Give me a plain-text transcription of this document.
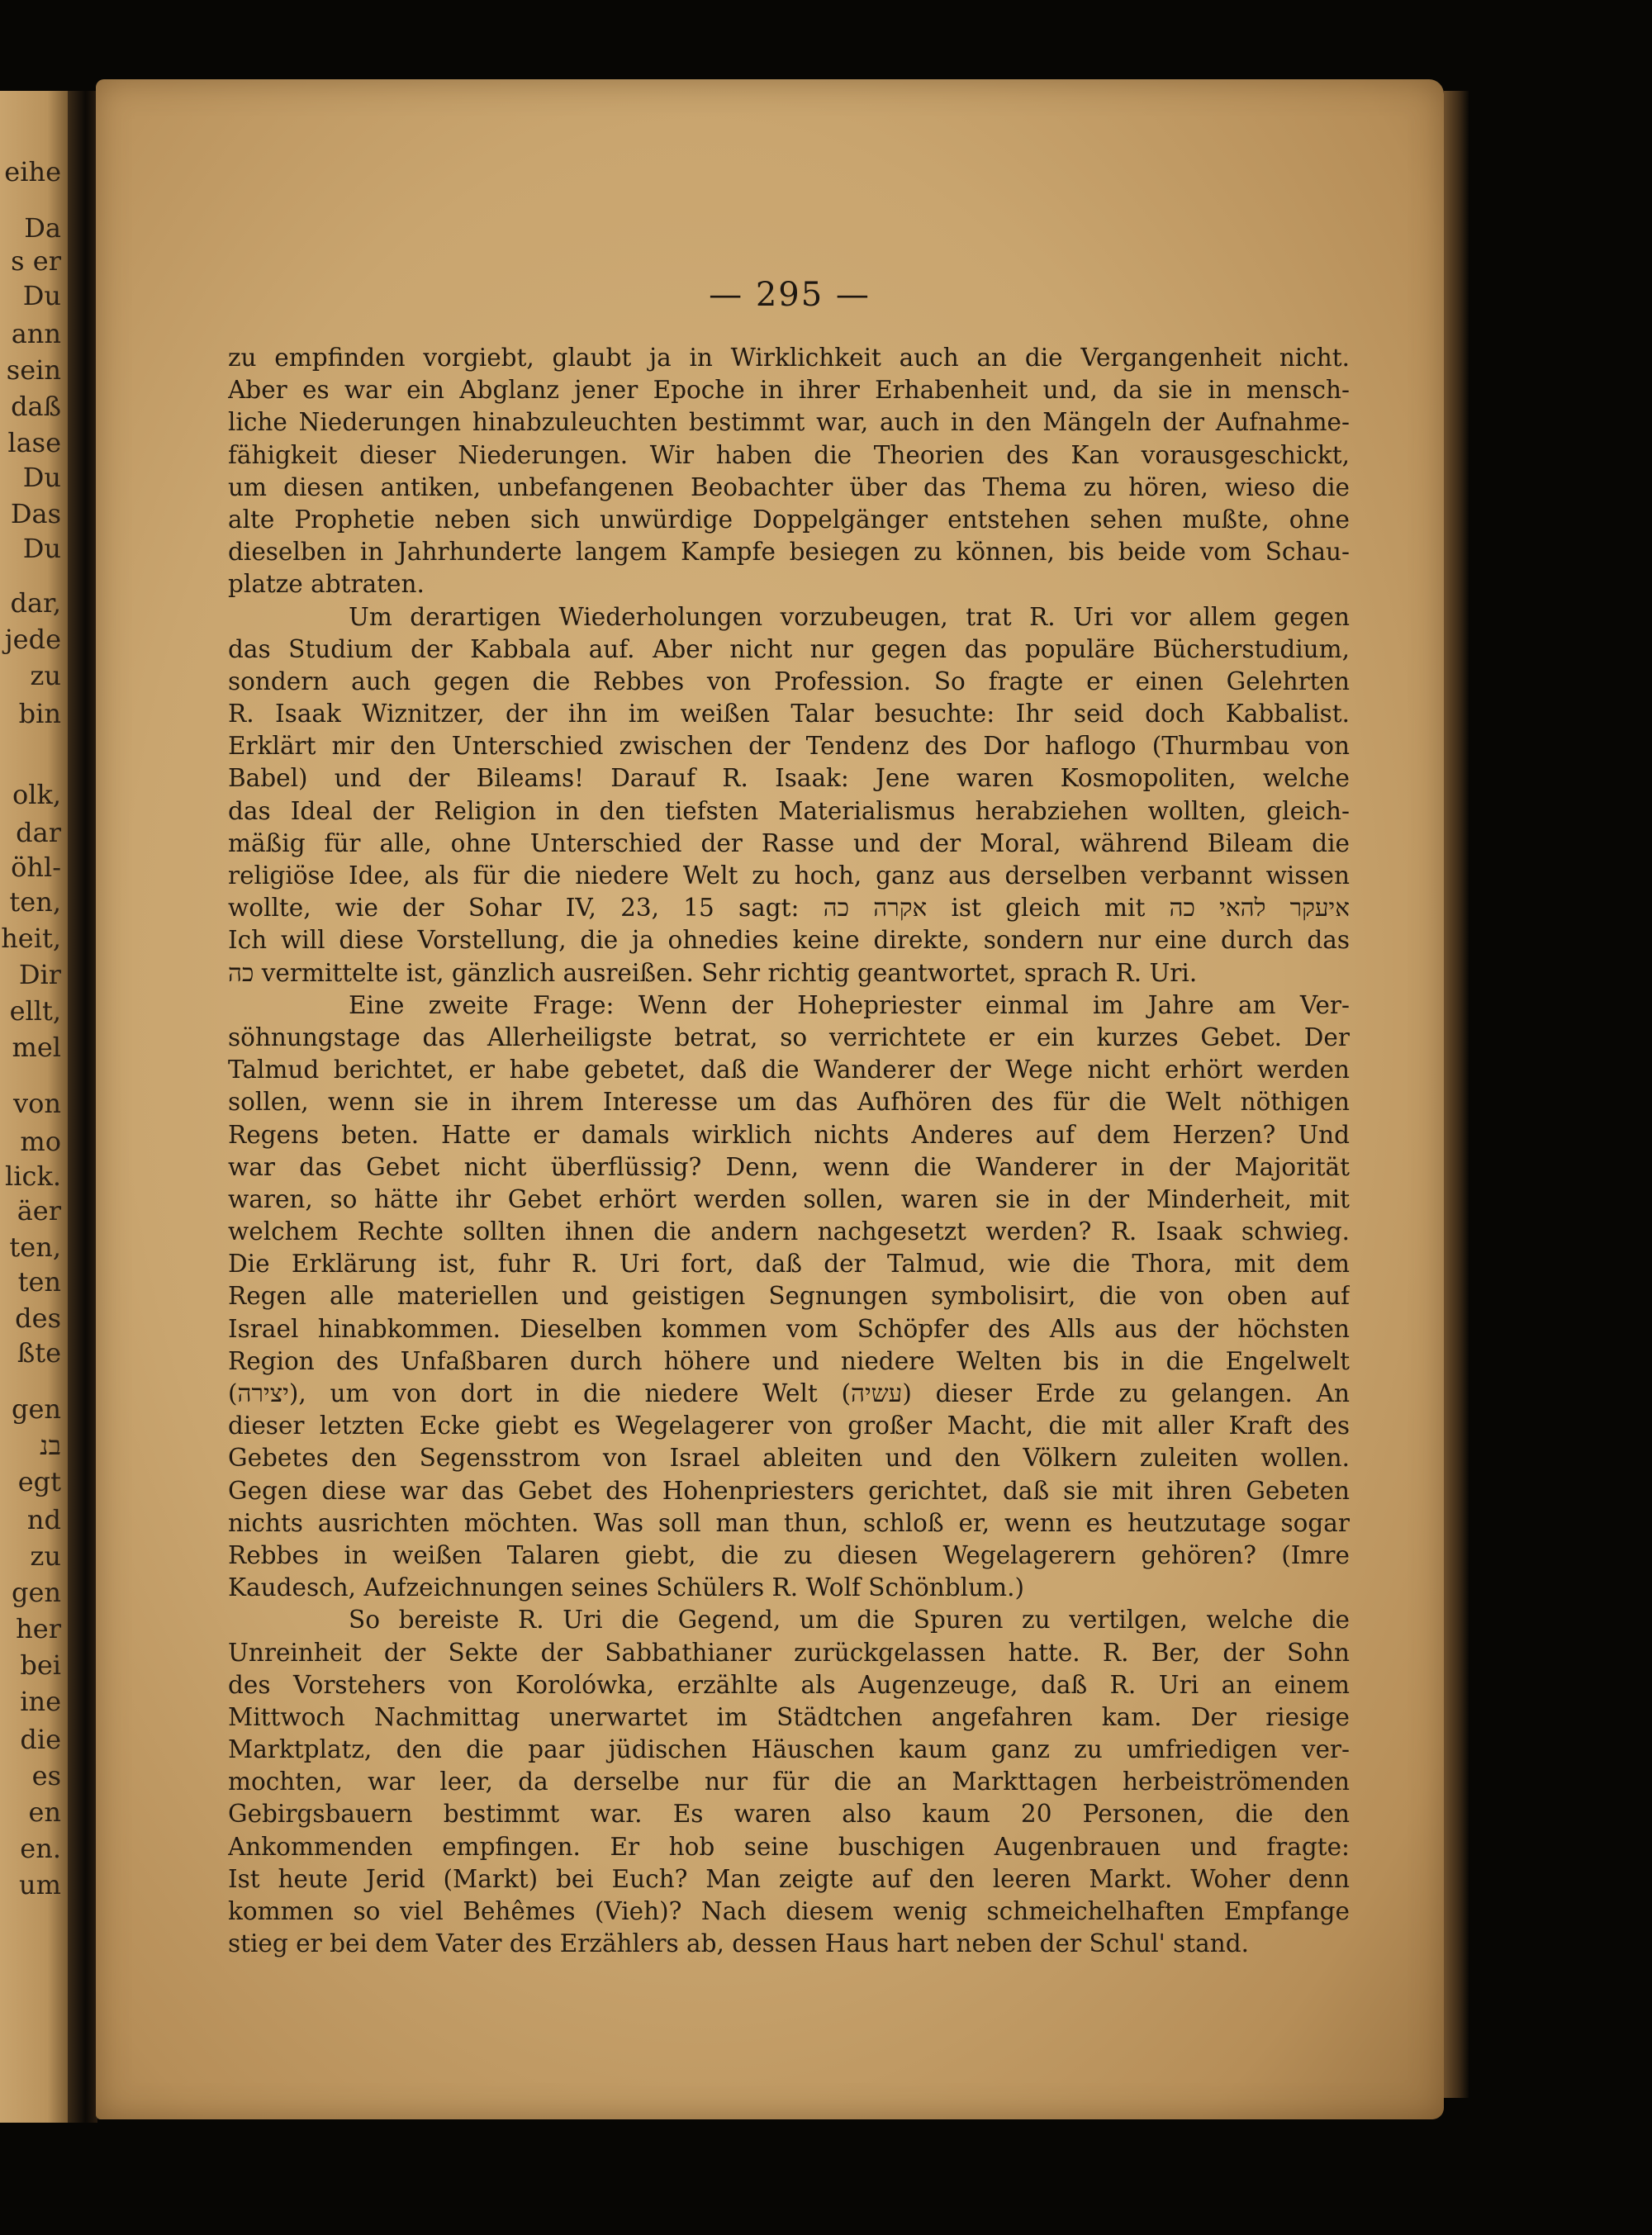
eihe
Da
s er
Du
ann
sein
daß
lase
Du
Das
Du
dar,
jede
zu
bin
olk,
dar
öhl-
ten,
heit,
Dir
ellt,
mel
von
mo
lick.
äer
ten,
ten
des
ßte
gen
בנ
egt
nd
zu
gen
her
bei
ine
die
es
en
en.
um
— 295 —
zu empfinden vorgiebt, glaubt ja in Wirklichkeit auch an die Vergangenheit nicht.
Aber es war ein Abglanz jener Epoche in ihrer Erhabenheit und, da sie in mensch-
liche Niederungen hinabzuleuchten bestimmt war, auch in den Mängeln der Aufnahme-
fähigkeit dieser Niederungen. Wir haben die Theorien des Kan vorausgeschickt,
um diesen antiken, unbefangenen Beobachter über das Thema zu hören, wieso die
alte Prophetie neben sich unwürdige Doppelgänger entstehen sehen mußte, ohne
dieselben in Jahrhunderte langem Kampfe besiegen zu können, bis beide vom Schau-
platze abtraten.
Um derartigen Wiederholungen vorzubeugen, trat R. Uri vor allem gegen
das Studium der Kabbala auf. Aber nicht nur gegen das populäre Bücherstudium,
sondern auch gegen die Rebbes von Profession. So fragte er einen Gelehrten
R. Isaak Wiznitzer, der ihn im weißen Talar besuchte: Ihr seid doch Kabbalist.
Erklärt mir den Unterschied zwischen der Tendenz des Dor haflogo (Thurmbau von
Babel) und der Bileams! Darauf R. Isaak: Jene waren Kosmopoliten, welche
das Ideal der Religion in den tiefsten Materialismus herabziehen wollten, gleich-
mäßig für alle, ohne Unterschied der Rasse und der Moral, während Bileam die
religiöse Idee, als für die niedere Welt zu hoch, ganz aus derselben verbannt wissen
wollte, wie der Sohar IV, 23, 15 sagt: אקרה כה ist gleich mit איעקר להאי כה
Ich will diese Vorstellung, die ja ohnedies keine direkte, sondern nur eine durch das
כה vermittelte ist, gänzlich ausreißen. Sehr richtig geantwortet, sprach R. Uri.
Eine zweite Frage: Wenn der Hohepriester einmal im Jahre am Ver-
söhnungstage das Allerheiligste betrat, so verrichtete er ein kurzes Gebet. Der
Talmud berichtet, er habe gebetet, daß die Wanderer der Wege nicht erhört werden
sollen, wenn sie in ihrem Interesse um das Aufhören des für die Welt nöthigen
Regens beten. Hatte er damals wirklich nichts Anderes auf dem Herzen? Und
war das Gebet nicht überflüssig? Denn, wenn die Wanderer in der Majorität
waren, so hätte ihr Gebet erhört werden sollen, waren sie in der Minderheit, mit
welchem Rechte sollten ihnen die andern nachgesetzt werden? R. Isaak schwieg.
Die Erklärung ist, fuhr R. Uri fort, daß der Talmud, wie die Thora, mit dem
Regen alle materiellen und geistigen Segnungen symbolisirt, die von oben auf
Israel hinabkommen. Dieselben kommen vom Schöpfer des Alls aus der höchsten
Region des Unfaßbaren durch höhere und niedere Welten bis in die Engelwelt
(יצירה), um von dort in die niedere Welt (עשיה) dieser Erde zu gelangen. An
dieser letzten Ecke giebt es Wegelagerer von großer Macht, die mit aller Kraft des
Gebetes den Segensstrom von Israel ableiten und den Völkern zuleiten wollen.
Gegen diese war das Gebet des Hohenpriesters gerichtet, daß sie mit ihren Gebeten
nichts ausrichten möchten. Was soll man thun, schloß er, wenn es heutzutage sogar
Rebbes in weißen Talaren giebt, die zu diesen Wegelagerern gehören? (Imre
Kaudesch, Aufzeichnungen seines Schülers R. Wolf Schönblum.)
So bereiste R. Uri die Gegend, um die Spuren zu vertilgen, welche die
Unreinheit der Sekte der Sabbathianer zurückgelassen hatte. R. Ber, der Sohn
des Vorstehers von Korolówka, erzählte als Augenzeuge, daß R. Uri an einem
Mittwoch Nachmittag unerwartet im Städtchen angefahren kam. Der riesige
Marktplatz, den die paar jüdischen Häuschen kaum ganz zu umfriedigen ver-
mochten, war leer, da derselbe nur für die an Markttagen herbeiströmenden
Gebirgsbauern bestimmt war. Es waren also kaum 20 Personen, die den
Ankommenden empfingen. Er hob seine buschigen Augenbrauen und fragte:
Ist heute Jerid (Markt) bei Euch? Man zeigte auf den leeren Markt. Woher denn
kommen so viel Behêmes (Vieh)? Nach diesem wenig schmeichelhaften Empfange
stieg er bei dem Vater des Erzählers ab, dessen Haus hart neben der Schul' stand.
